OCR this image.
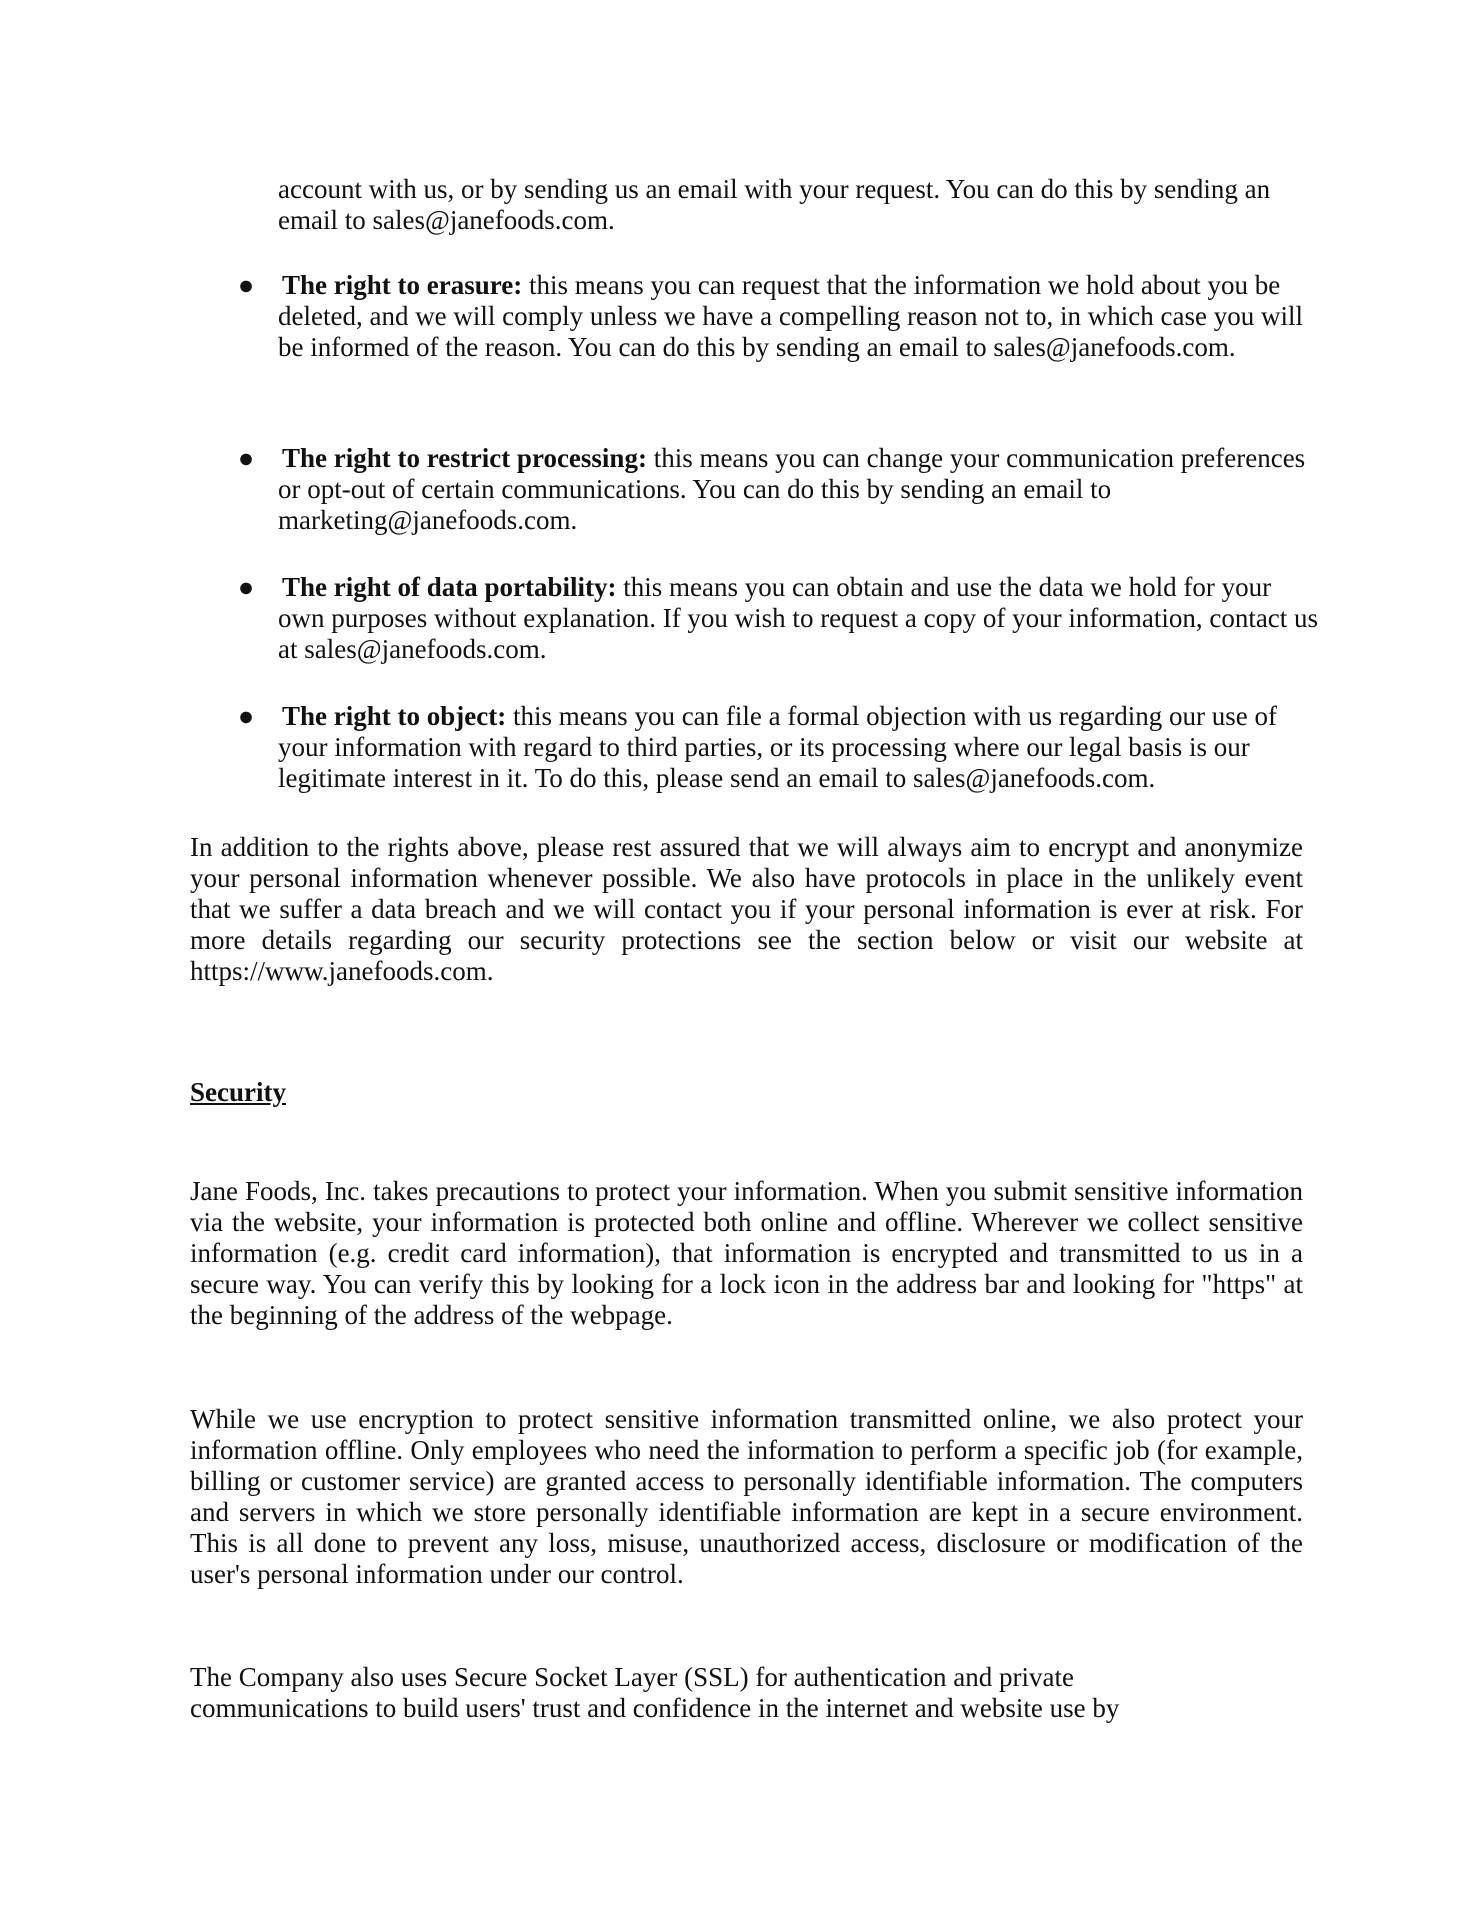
account with us, or by sending us an email with your request. You can do this by sending an email to sales@janefoods.com.
● The right to erasure: this means you can request that the information we hold about you be deleted, and we will comply unless we have a compelling reason not to, in which case you will be informed of the reason. You can do this by sending an email to sales@janefoods.com.
● The right to restrict processing: this means you can change your communication preferences or opt-out of certain communications. You can do this by sending an email to marketing@janefoods.com.
● The right of data portability: this means you can obtain and use the data we hold for your own purposes without explanation. If you wish to request a copy of your information, contact us at sales@janefoods.com.
● The right to object: this means you can file a formal objection with us regarding our use of your information with regard to third parties, or its processing where our legal basis is our legitimate interest in it. To do this, please send an email to sales@janefoods.com.
In addition to the rights above, please rest assured that we will always aim to encrypt and anonymize your personal information whenever possible. We also have protocols in place in the unlikely event that we suffer a data breach and we will contact you if your personal information is ever at risk. For more details regarding our security protections see the section below or visit our website at https://www.janefoods.com.
Security
Jane Foods, Inc. takes precautions to protect your information. When you submit sensitive information via the website, your information is protected both online and offline. Wherever we collect sensitive information (e.g. credit card information), that information is encrypted and transmitted to us in a secure way. You can verify this by looking for a lock icon in the address bar and looking for "https" at the beginning of the address of the webpage.
While we use encryption to protect sensitive information transmitted online, we also protect your information offline. Only employees who need the information to perform a specific job (for example, billing or customer service) are granted access to personally identifiable information. The computers and servers in which we store personally identifiable information are kept in a secure environment. This is all done to prevent any loss, misuse, unauthorized access, disclosure or modification of the user's personal information under our control.
The Company also uses Secure Socket Layer (SSL) for authentication and private communications to build users' trust and confidence in the internet and website use by
